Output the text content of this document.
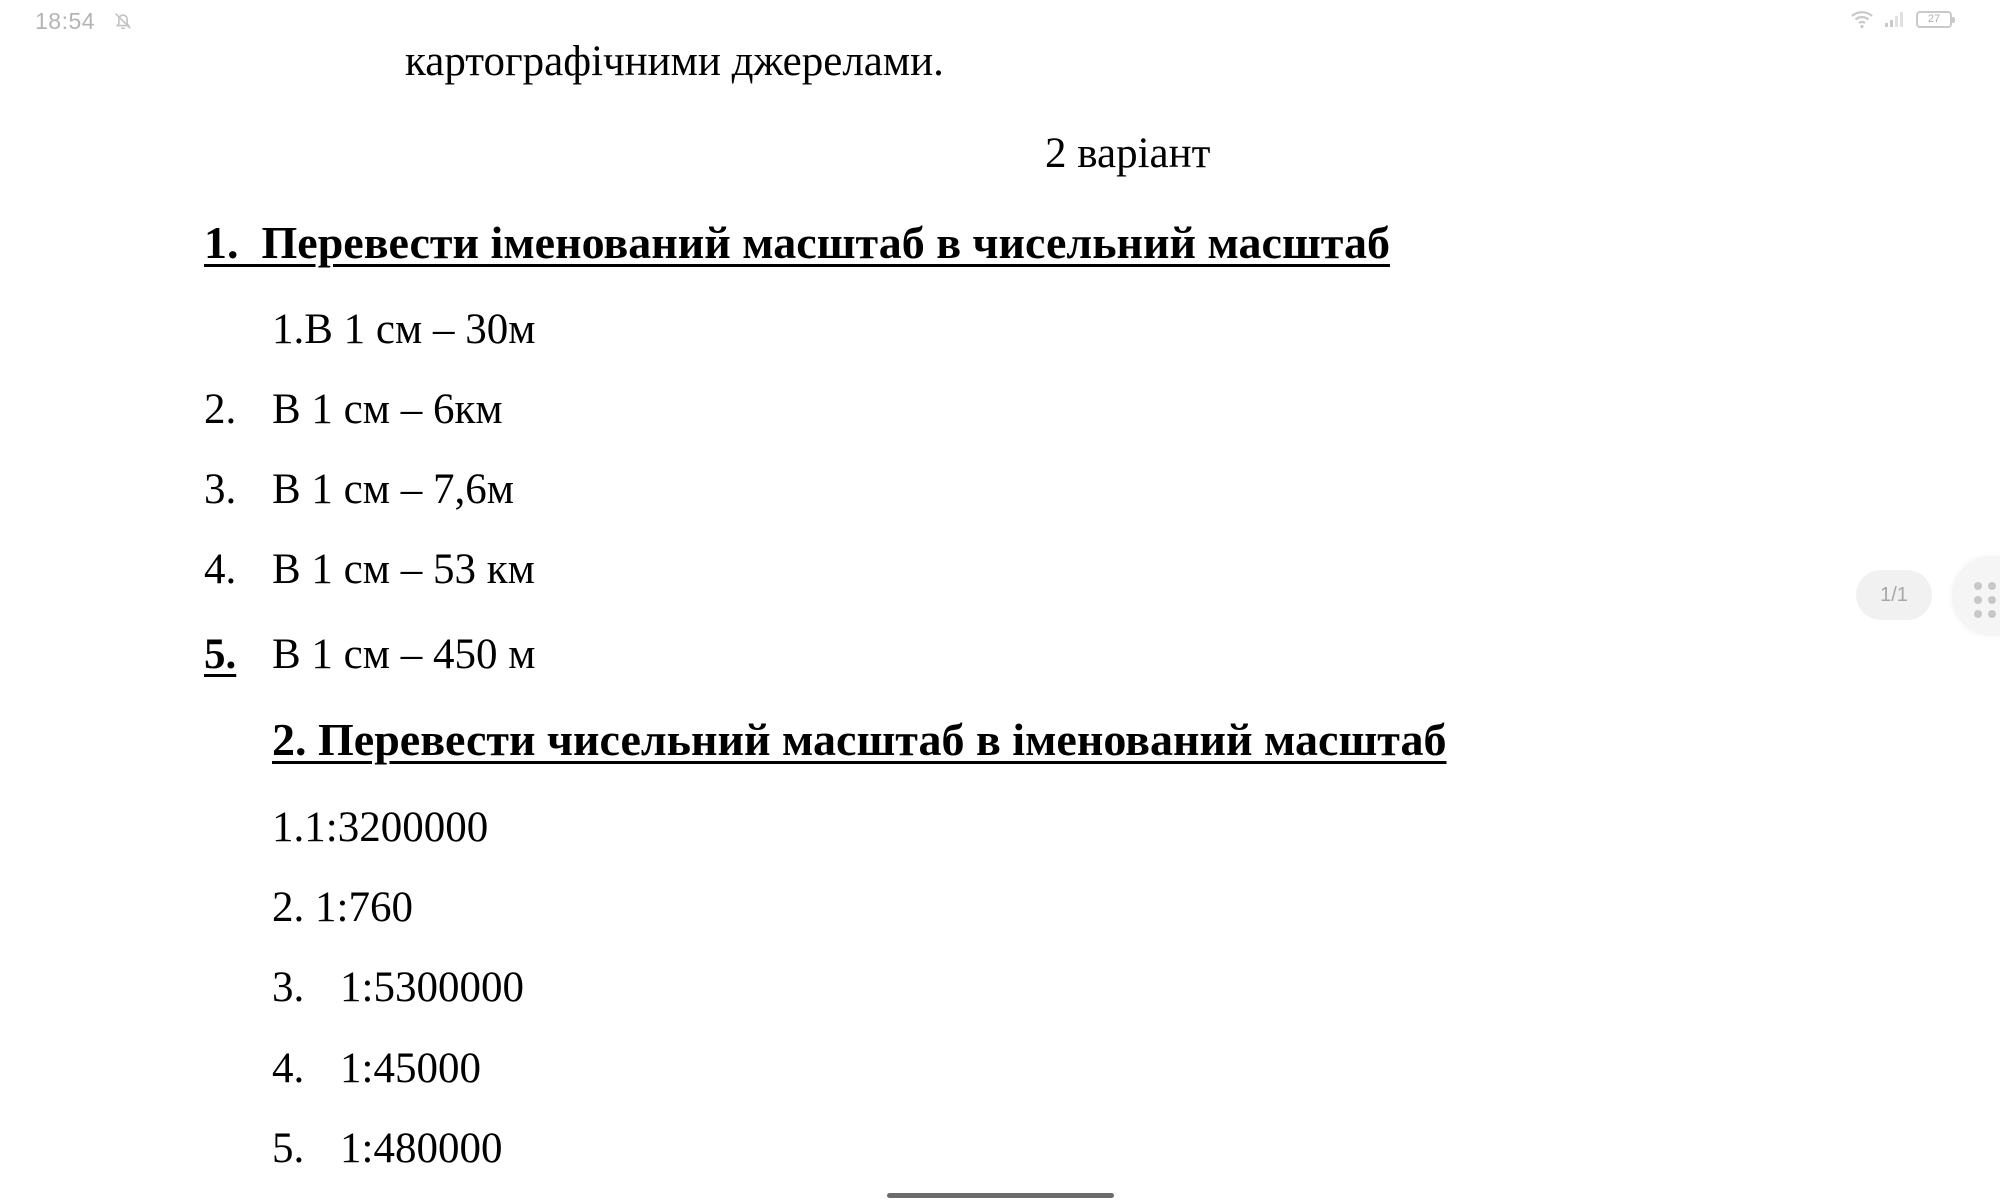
18:54	27
картографічними джерелами.
2 варіант
1. Перевести іменований масштаб в чисельний масштаб
1.В 1 см – 30м
2. В 1 см – 6км
3. В 1 см – 7,6м
4. В 1 см – 53 км
5. В 1 см – 450 м
2. Перевести чисельний масштаб в іменований масштаб
1.1:3200000
2. 1:760
3. 1:5300000
4. 1:45000
5. 1:480000
1/1
